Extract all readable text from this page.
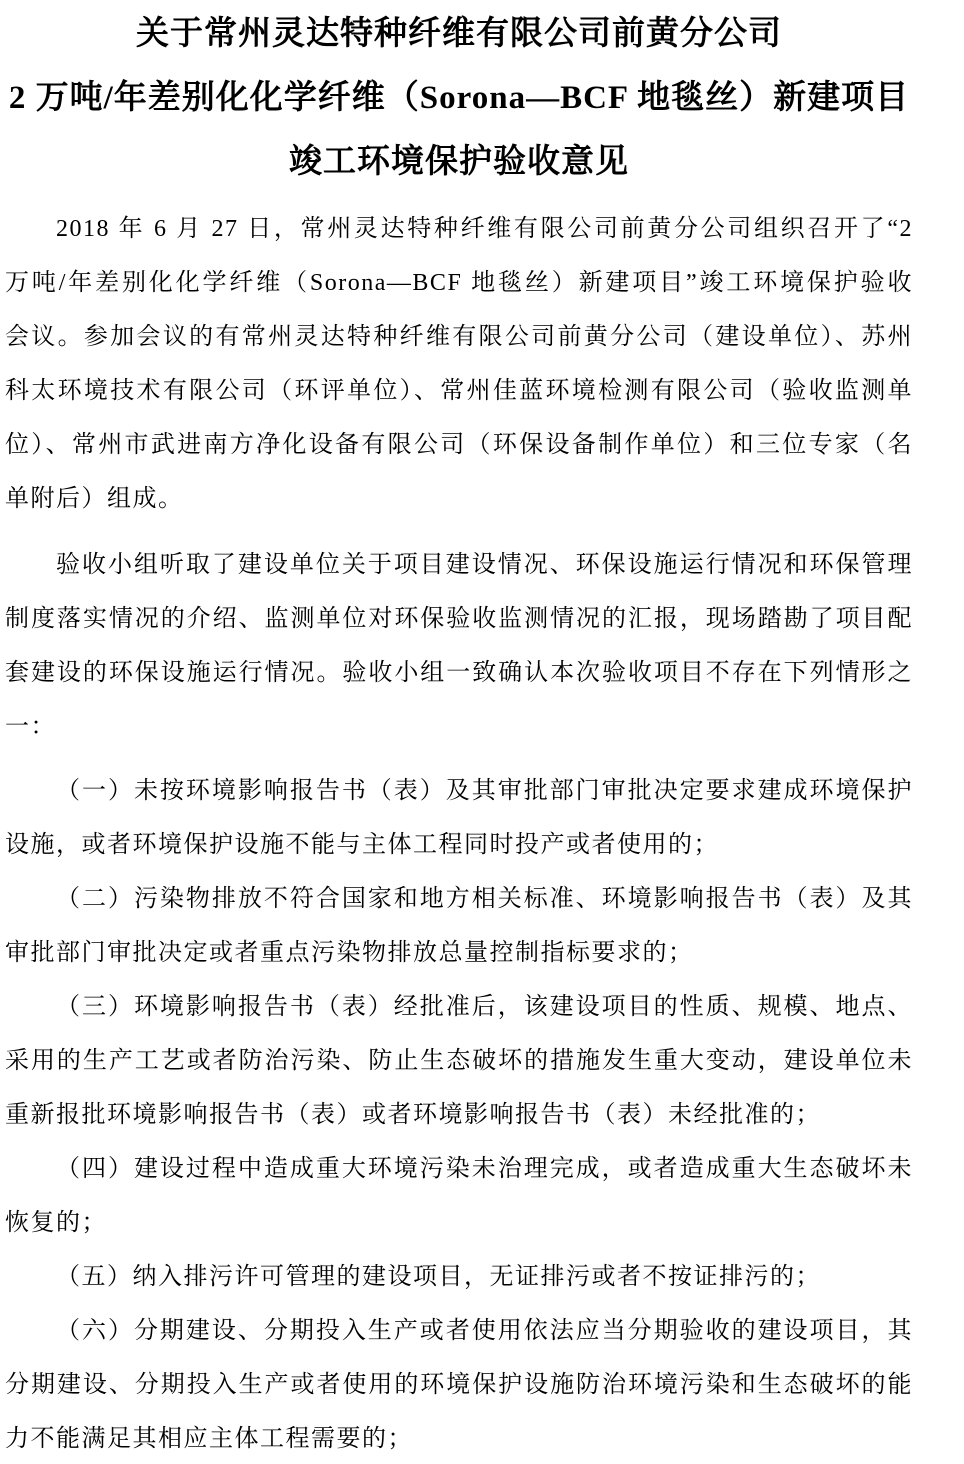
关于常州灵达特种纤维有限公司前黄分公司
2 万吨/年差别化化学纤维（Sorona—BCF 地毯丝）新建项目
竣工环境保护验收意见
2018 年 6 月 27 日，常州灵达特种纤维有限公司前黄分公司组织召开了“2
万吨/年差别化化学纤维（Sorona—BCF 地毯丝）新建项目”竣工环境保护验收
会议。参加会议的有常州灵达特种纤维有限公司前黄分公司（建设单位）、苏州
科太环境技术有限公司（环评单位）、常州佳蓝环境检测有限公司（验收监测单
位）、常州市武进南方净化设备有限公司（环保设备制作单位）和三位专家（名
单附后）组成。
验收小组听取了建设单位关于项目建设情况、环保设施运行情况和环保管理
制度落实情况的介绍、监测单位对环保验收监测情况的汇报，现场踏勘了项目配
套建设的环保设施运行情况。验收小组一致确认本次验收项目不存在下列情形之
一：
（一）未按环境影响报告书（表）及其审批部门审批决定要求建成环境保护
设施，或者环境保护设施不能与主体工程同时投产或者使用的；
（二）污染物排放不符合国家和地方相关标准、环境影响报告书（表）及其
审批部门审批决定或者重点污染物排放总量控制指标要求的；
（三）环境影响报告书（表）经批准后，该建设项目的性质、规模、地点、
采用的生产工艺或者防治污染、防止生态破坏的措施发生重大变动，建设单位未
重新报批环境影响报告书（表）或者环境影响报告书（表）未经批准的；
（四）建设过程中造成重大环境污染未治理完成，或者造成重大生态破坏未
恢复的；
（五）纳入排污许可管理的建设项目，无证排污或者不按证排污的；
（六）分期建设、分期投入生产或者使用依法应当分期验收的建设项目，其
分期建设、分期投入生产或者使用的环境保护设施防治环境污染和生态破坏的能
力不能满足其相应主体工程需要的；
